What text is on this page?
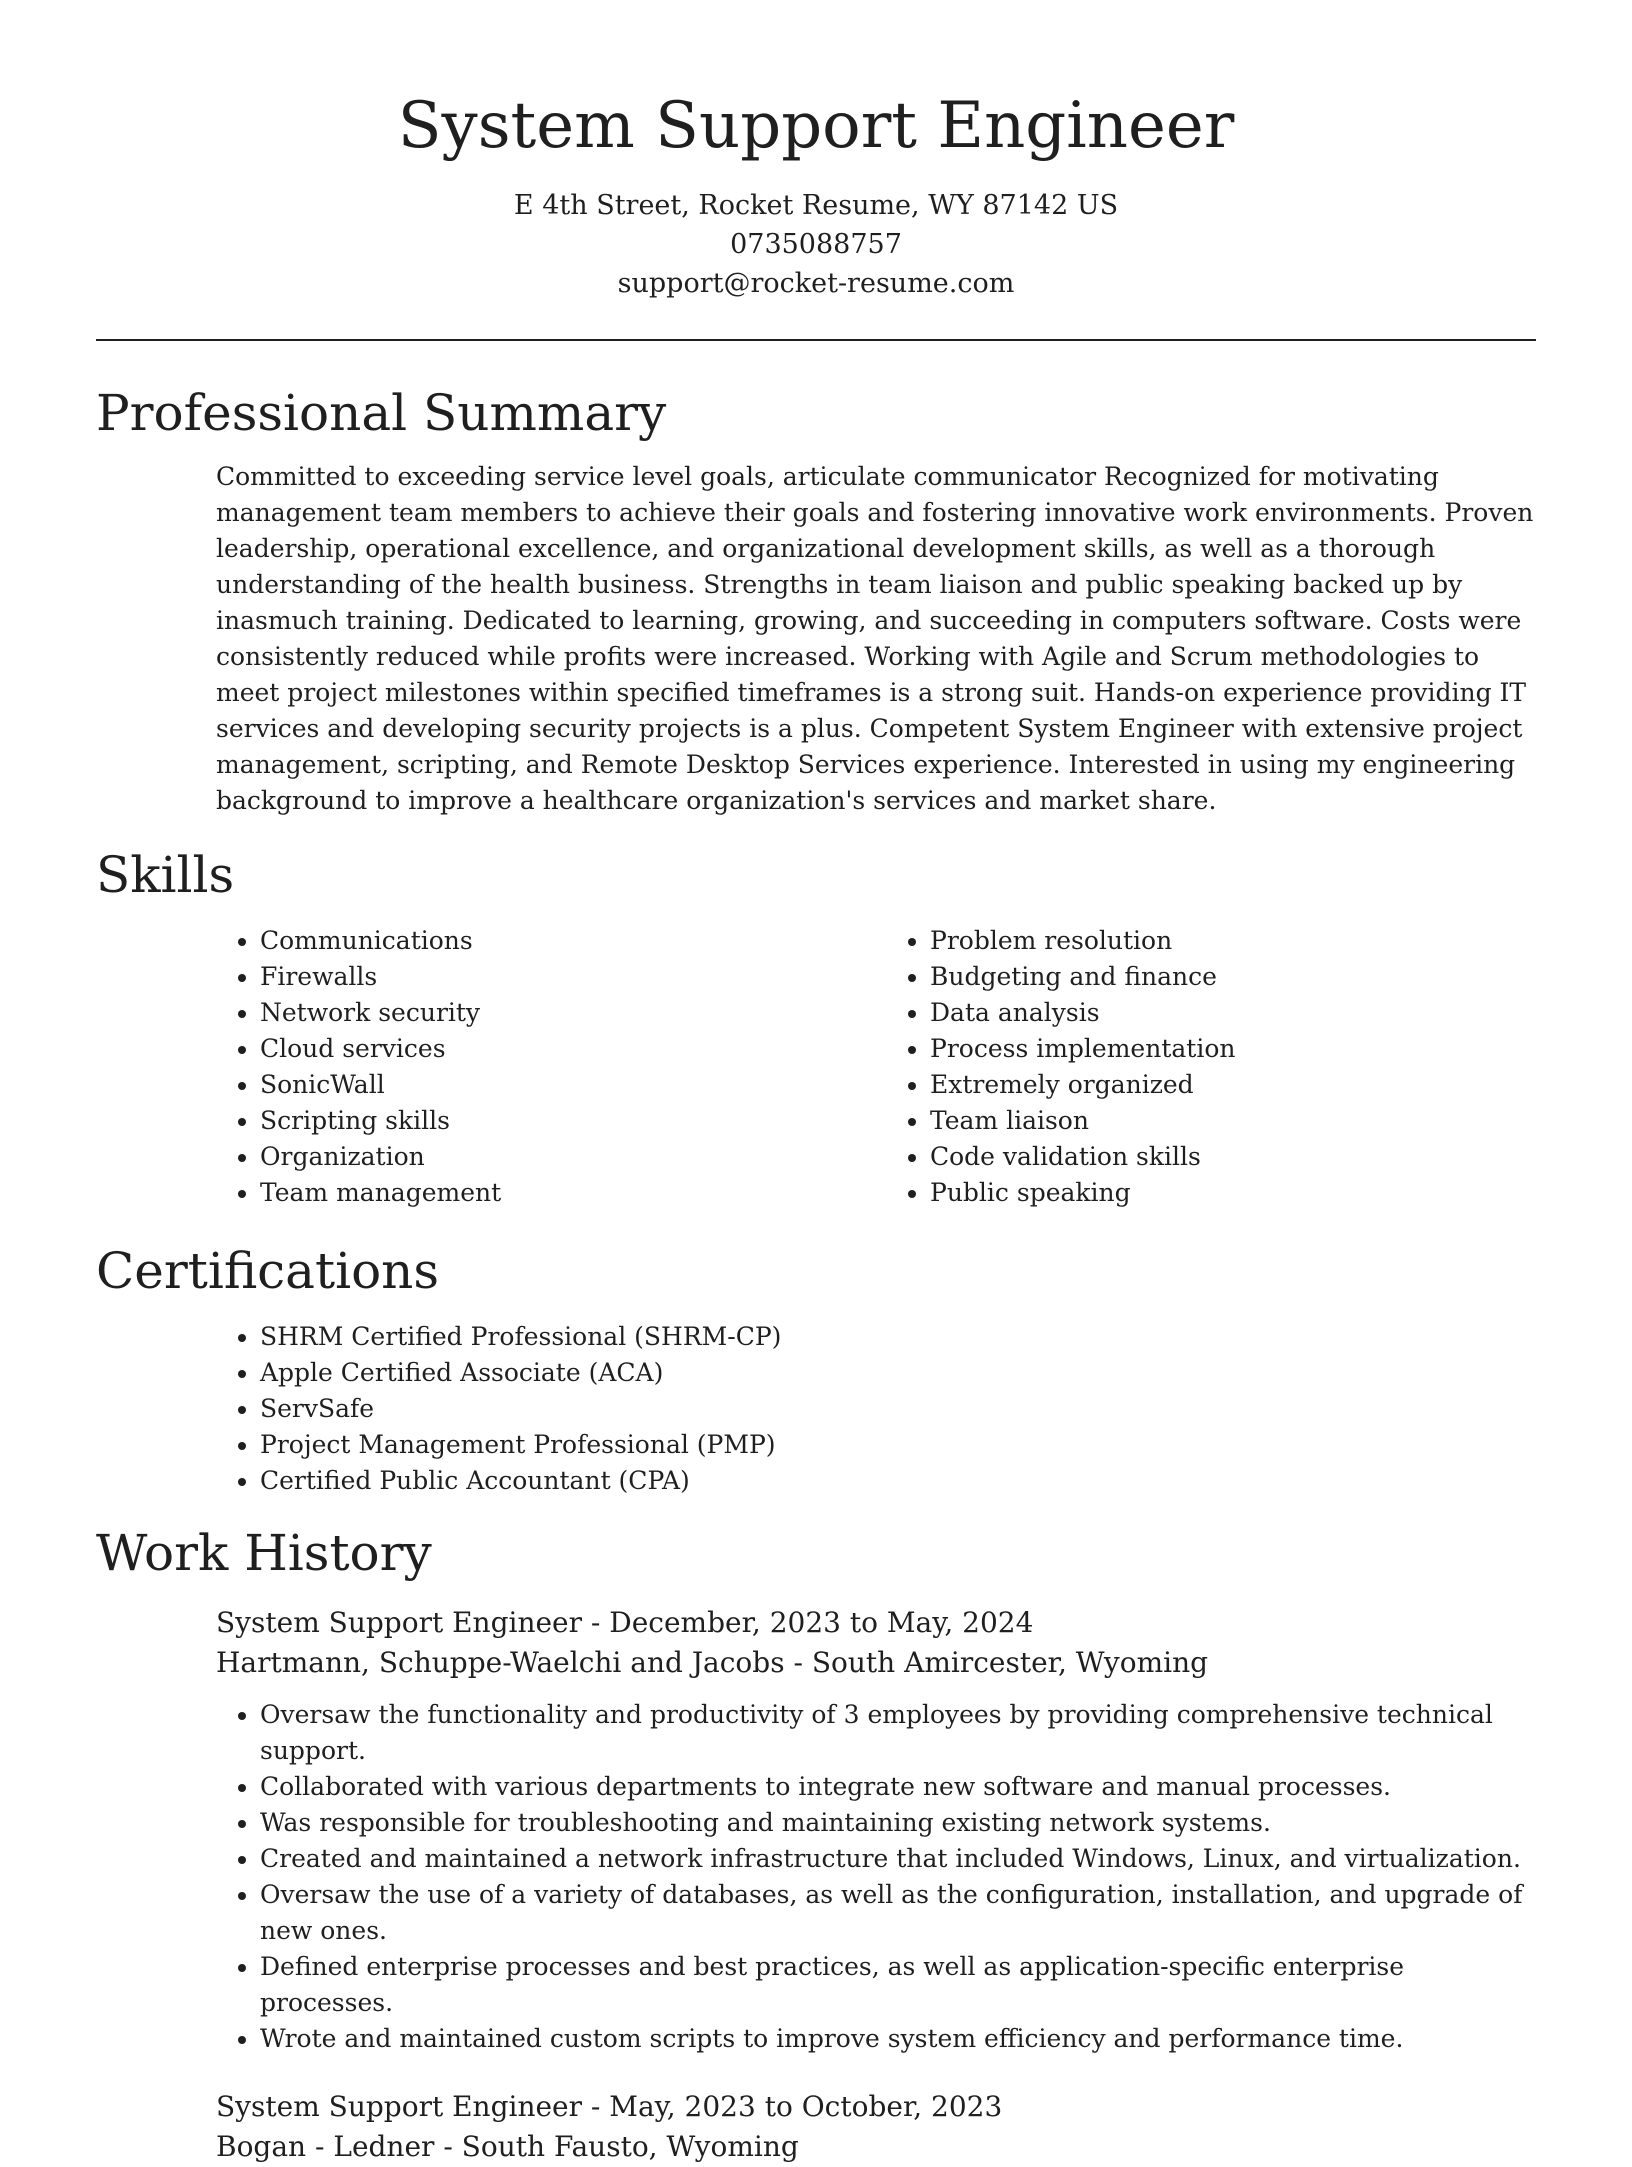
System Support Engineer
E 4th Street, Rocket Resume, WY 87142 US
0735088757
support@rocket-resume.com
Professional Summary

Committed to exceeding service level goals, articulate communicator Recognized for motivating management team members to achieve their goals and fostering innovative work environments. Proven leadership, operational excellence, and organizational development skills, as well as a thorough understanding of the health business. Strengths in team liaison and public speaking backed up by inasmuch training. Dedicated to learning, growing, and succeeding in computers software. Costs were consistently reduced while profits were increased. Working with Agile and Scrum methodologies to meet project milestones within specified timeframes is a strong suit. Hands-on experience providing IT services and developing security projects is a plus. Competent System Engineer with extensive project management, scripting, and Remote Desktop Services experience. Interested in using my engineering background to improve a healthcare organization's services and market share.

Skills
• Communications
• Firewalls
• Network security
• Cloud services
• SonicWall
• Scripting skills
• Organization
• Team management
• Problem resolution
• Budgeting and finance
• Data analysis
• Process implementation
• Extremely organized
• Team liaison
• Code validation skills
• Public speaking
Certifications
• SHRM Certified Professional (SHRM-CP)
• Apple Certified Associate (ACA)
• ServSafe
• Project Management Professional (PMP)
• Certified Public Accountant (CPA)
Work History
System Support Engineer - December, 2023 to May, 2024
Hartmann, Schuppe-Waelchi and Jacobs - South Amircester, Wyoming
• Oversaw the functionality and productivity of 3 employees by providing comprehensive technical support.
• Collaborated with various departments to integrate new software and manual processes.
• Was responsible for troubleshooting and maintaining existing network systems.
• Created and maintained a network infrastructure that included Windows, Linux, and virtualization.
• Oversaw the use of a variety of databases, as well as the configuration, installation, and upgrade of new ones.
• Defined enterprise processes and best practices, as well as application-specific enterprise processes.
• Wrote and maintained custom scripts to improve system efficiency and performance time.
System Support Engineer - May, 2023 to October, 2023
Bogan - Ledner - South Fausto, Wyoming
